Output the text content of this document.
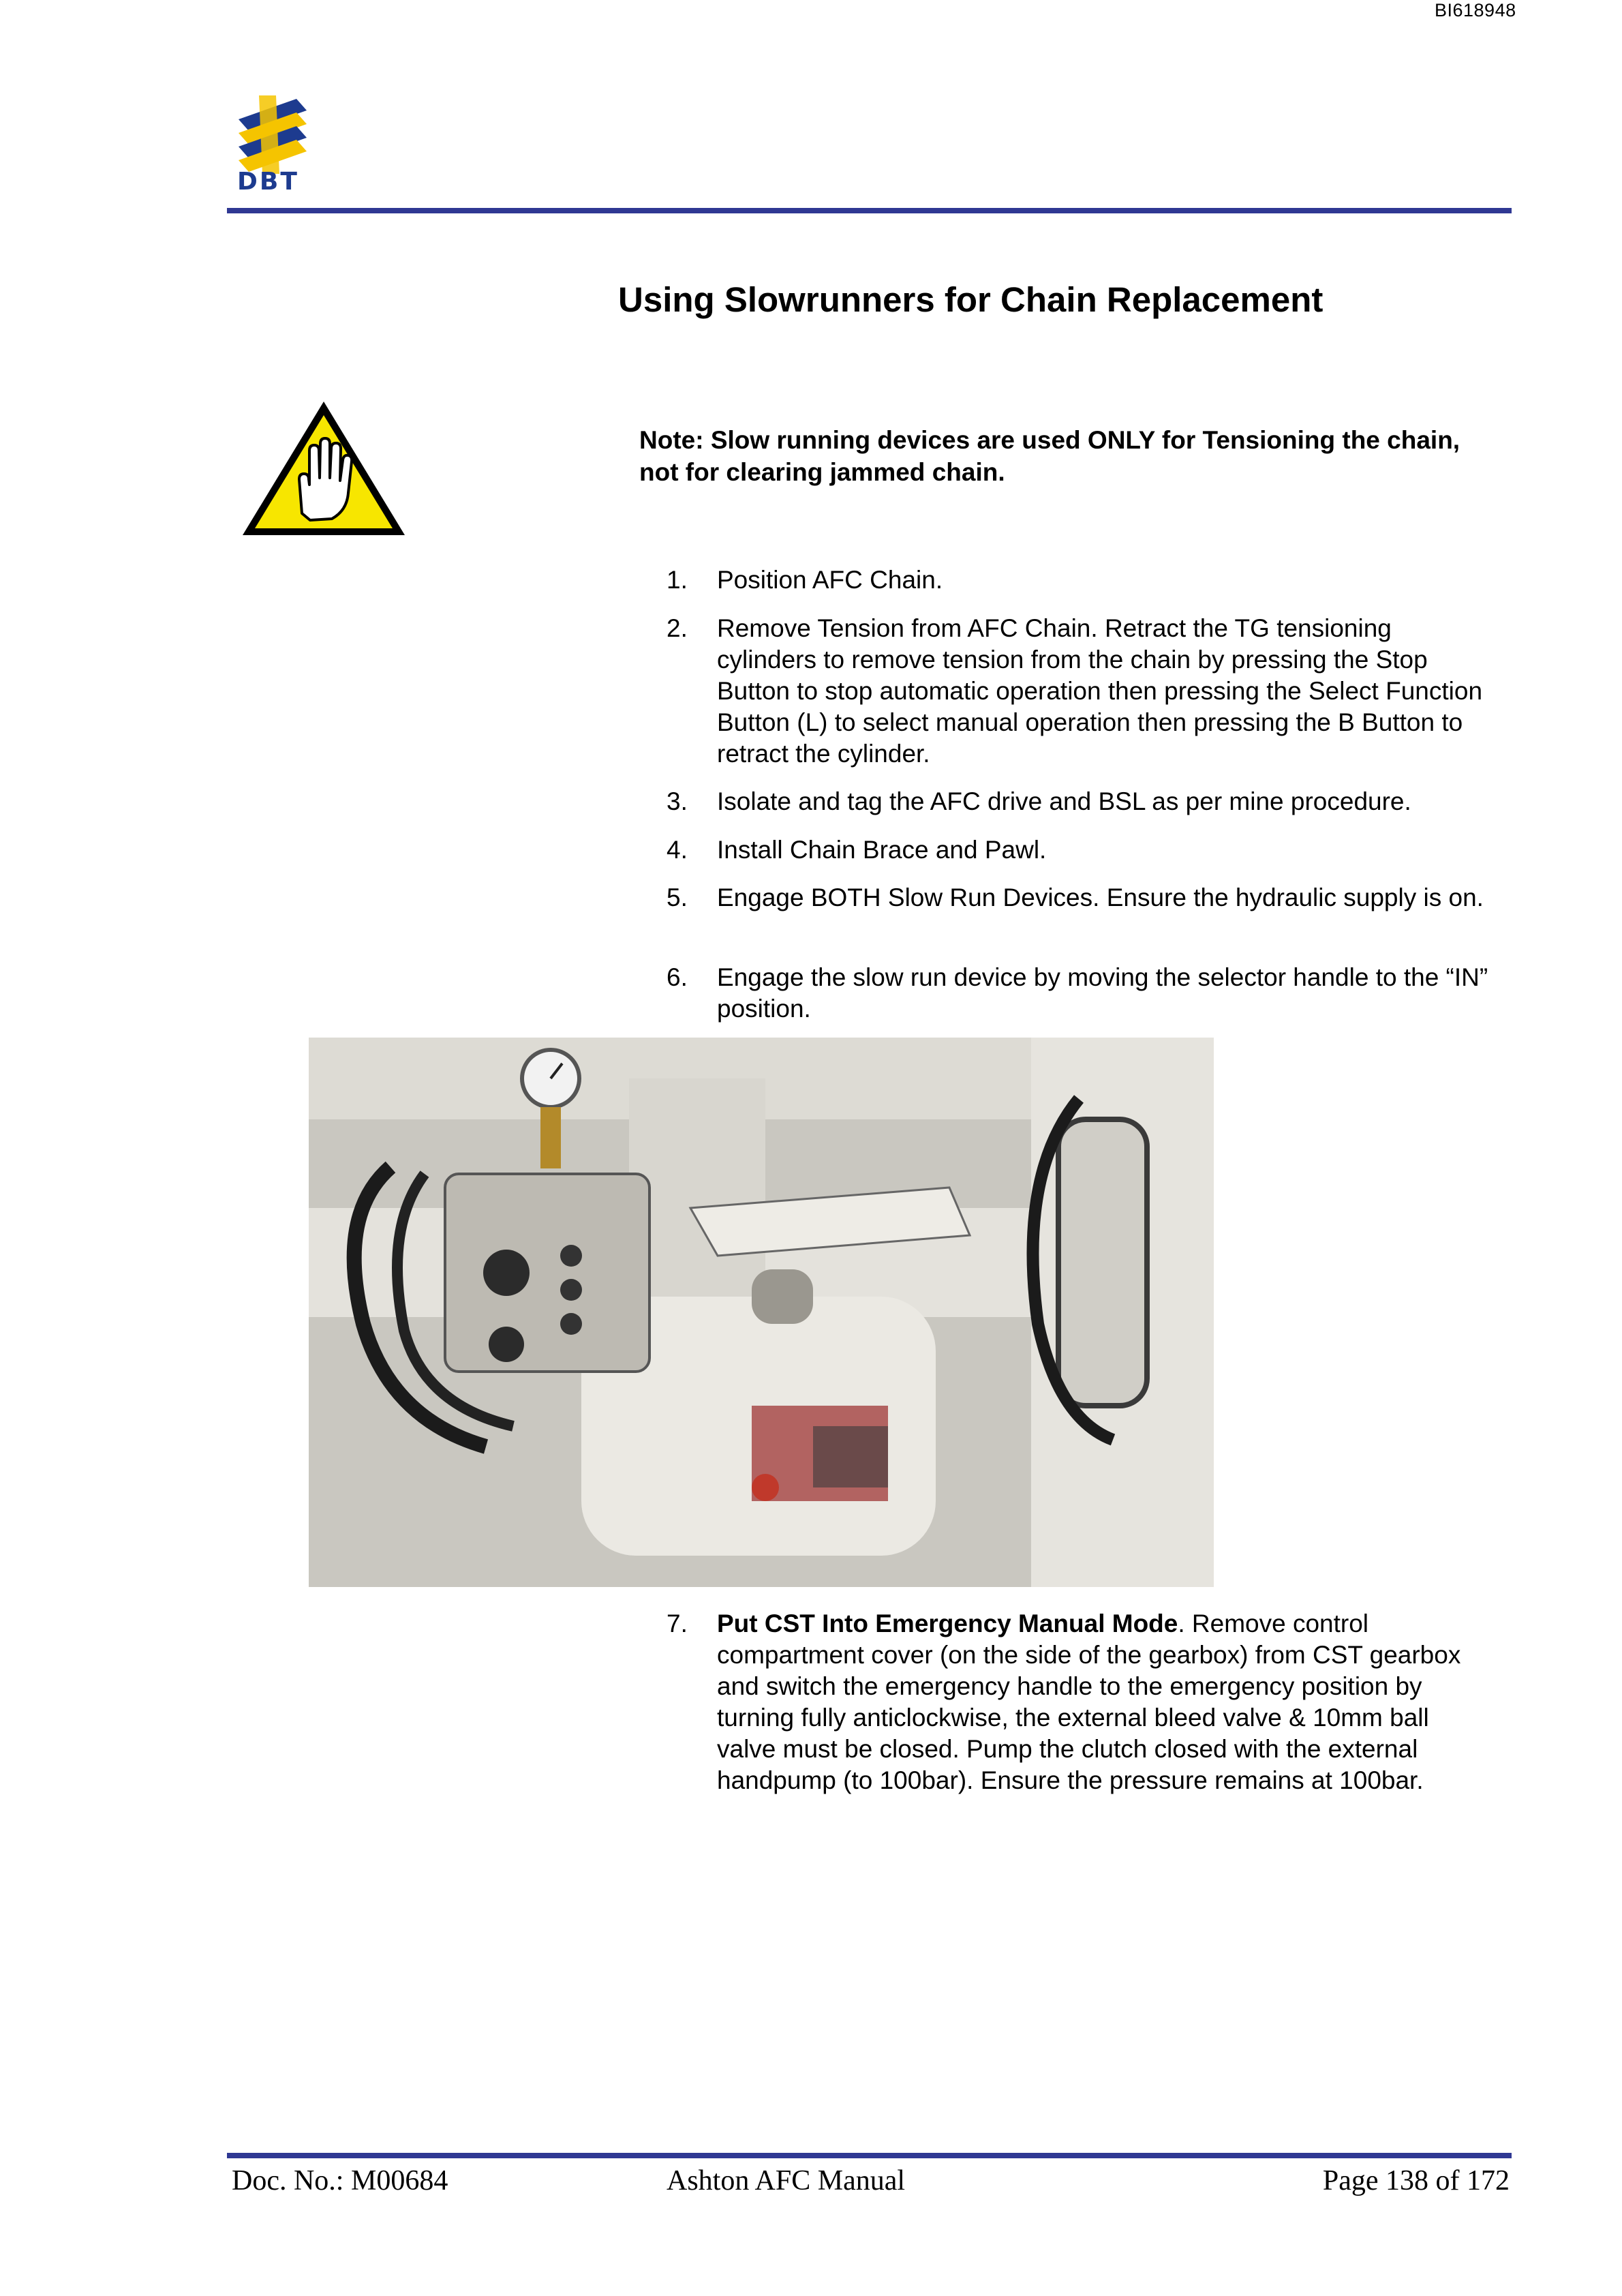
BI618948
DBT
Using Slowrunners for Chain Replacement

Note: Slow running devices are used ONLY for Tensioning the chain, not for clearing jammed chain.

1.	Position AFC Chain.
2.	Remove Tension from AFC Chain. Retract the TG tensioning cylinders to remove tension from the chain by pressing the Stop Button to stop automatic operation then pressing the Select Function Button (L) to select manual operation then pressing the B Button to retract the cylinder.
3.	Isolate and tag the AFC drive and BSL as per mine procedure.
4.	Install Chain Brace and Pawl.
5.	Engage BOTH Slow Run Devices. Ensure the hydraulic supply is on.
6.	Engage the slow run device by moving the selector handle to the “IN” position.
7.	Put CST Into Emergency Manual Mode. Remove control compartment cover (on the side of the gearbox) from CST gearbox and switch the emergency handle to the emergency position by turning fully anticlockwise, the external bleed valve & 10mm ball valve must be closed. Pump the clutch closed with the external handpump (to 100bar). Ensure the pressure remains at 100bar.
Doc. No.: M00684	Ashton AFC Manual	Page 138 of 172
